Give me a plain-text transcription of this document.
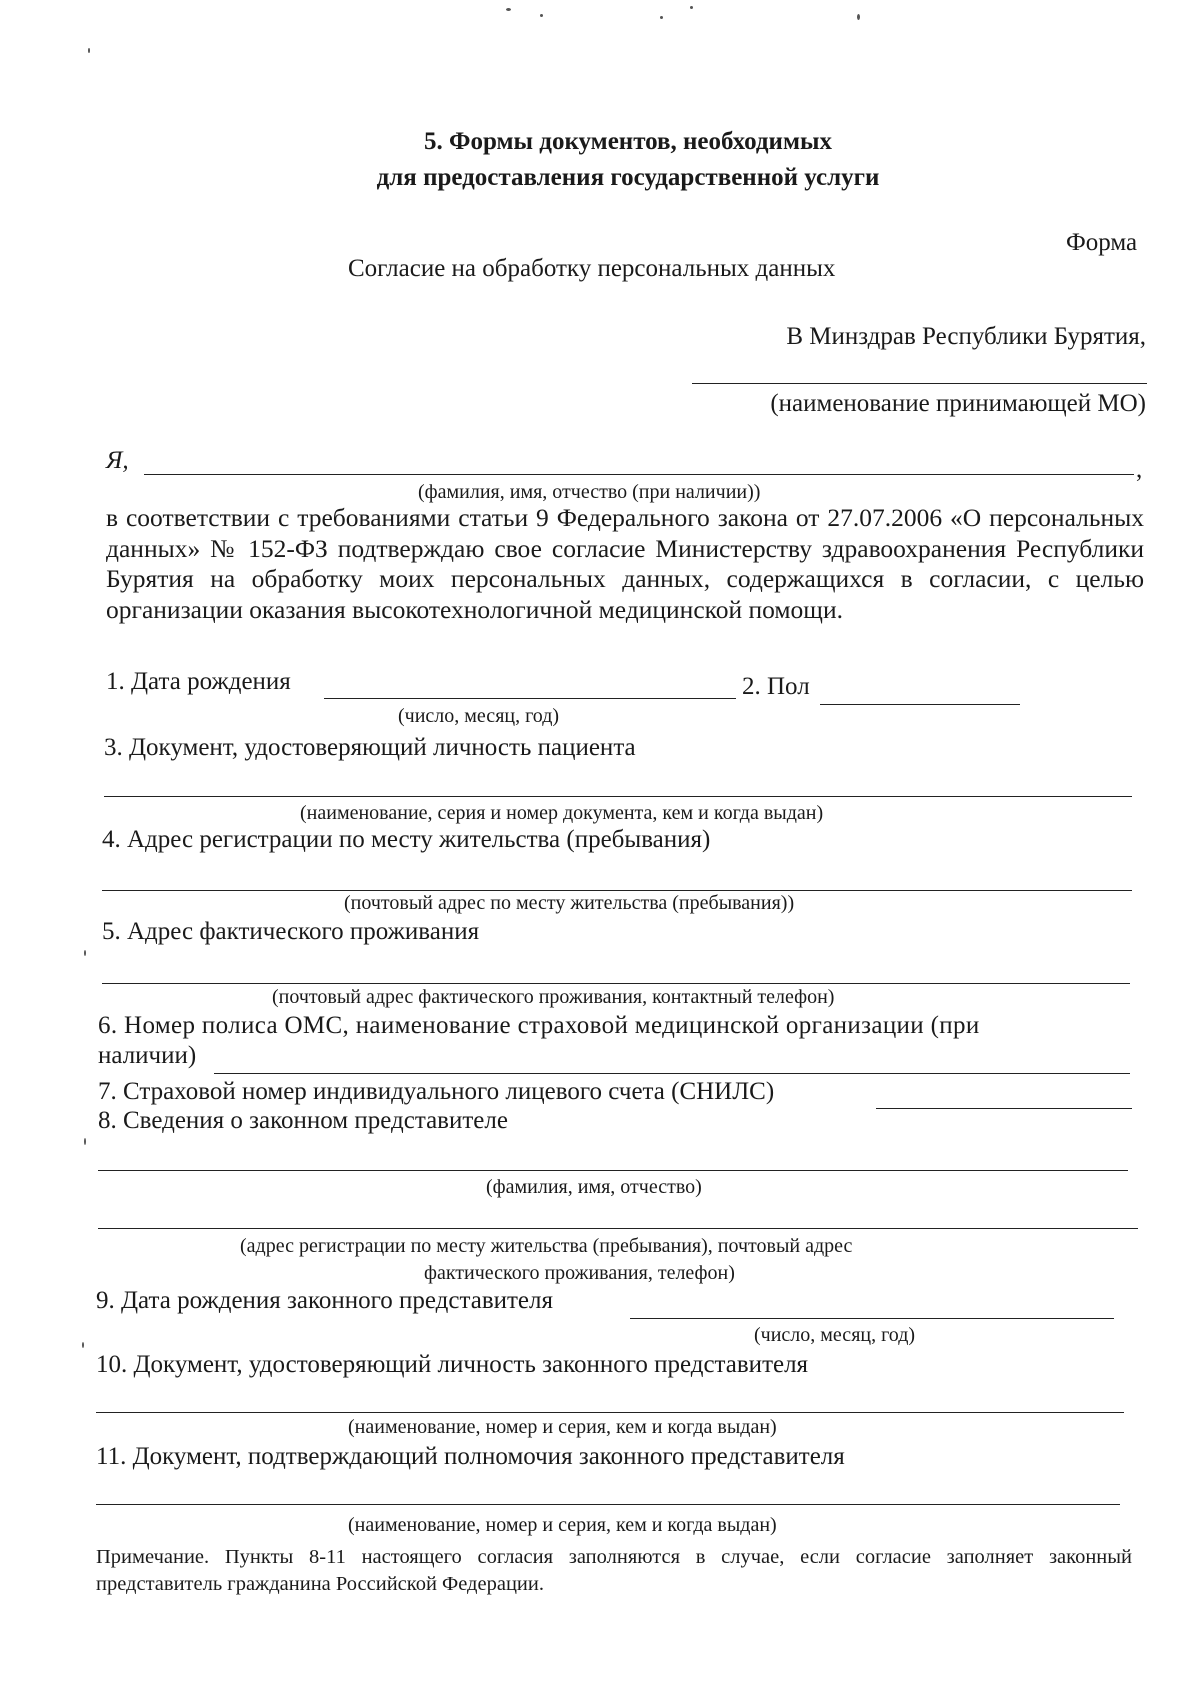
5. Формы документов, необходимых
для предоставления государственной услуги
Форма
Согласие на обработку персональных данных
В Минздрав Республики Бурятия,
(наименование принимающей МО)
Я,	,
(фамилия, имя, отчество (при наличии))
в соответствии с требованиями статьи 9 Федерального закона от 27.07.2006 «О персональных данных» № 152-ФЗ подтверждаю свое согласие Министерству здравоохранения Республики Бурятия на обработку моих персональных данных, содержащихся в согласии, с целью организации оказания высокотехнологичной медицинской помощи.
1. Дата рождения	2. Пол
(число, месяц, год)
3. Документ, удостоверяющий личность пациента
(наименование, серия и номер документа, кем и когда выдан)
4. Адрес регистрации по месту жительства (пребывания)
(почтовый адрес по месту жительства (пребывания))
5. Адрес фактического проживания
(почтовый адрес фактического проживания, контактный телефон)
6. Номер полиса ОМС, наименование страховой медицинской организации (при
наличии)
7. Страховой номер индивидуального лицевого счета (СНИЛС)
8. Сведения о законном представителе
(фамилия, имя, отчество)
(адрес регистрации по месту жительства (пребывания), почтовый адрес
фактического проживания, телефон)
9. Дата рождения законного представителя
(число, месяц, год)
10. Документ, удостоверяющий личность законного представителя
(наименование, номер и серия, кем и когда выдан)
11. Документ, подтверждающий полномочия законного представителя
(наименование, номер и серия, кем и когда выдан)
Примечание. Пункты 8-11 настоящего согласия заполняются в случае, если согласие заполняет законный представитель гражданина Российской Федерации.
